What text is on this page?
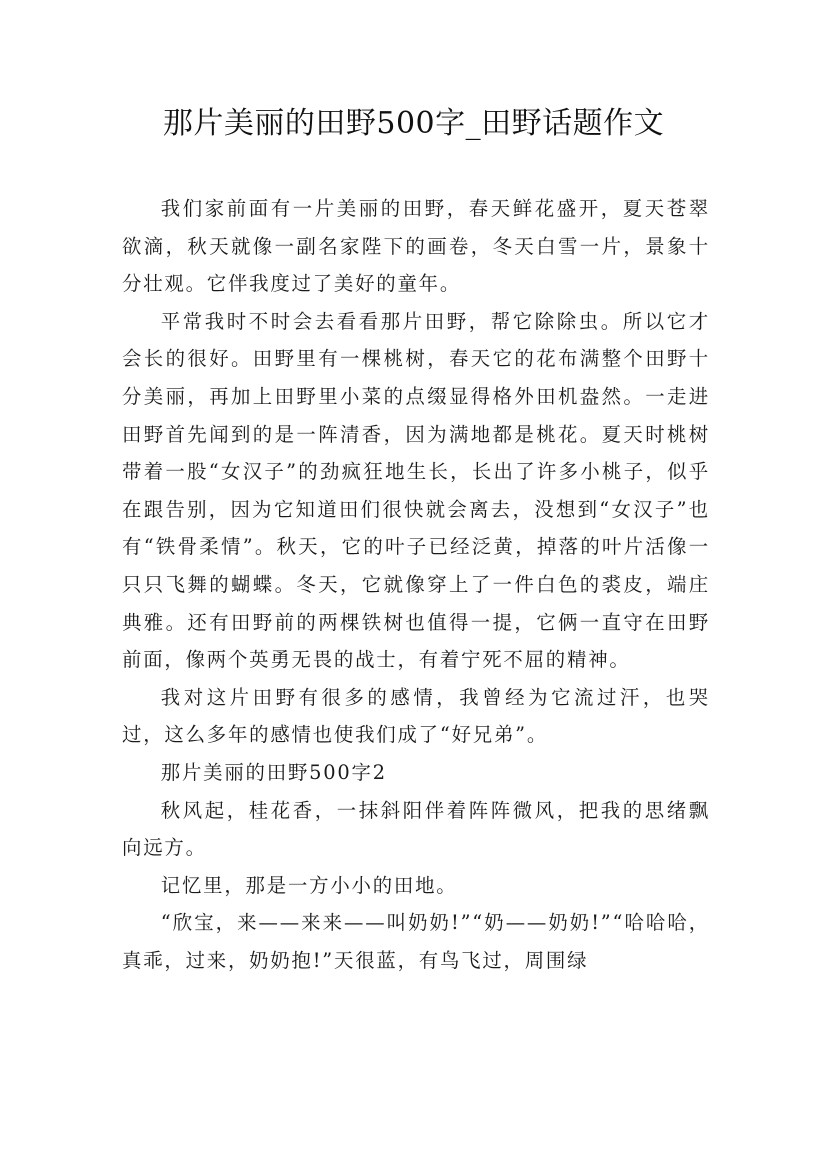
那片美丽的田野500字_田野话题作文

我们家前面有一片美丽的田野，春天鲜花盛开，夏天苍翠欲滴，秋天就像一副名家陛下的画卷，冬天白雪一片，景象十分壮观。它伴我度过了美好的童年。

平常我时不时会去看看那片田野，帮它除除虫。所以它才会长的很好。田野里有一棵桃树，春天它的花布满整个田野十分美丽，再加上田野里小菜的点缀显得格外田机盎然。一走进田野首先闻到的是一阵清香，因为满地都是桃花。夏天时桃树带着一股“女汉子”的劲疯狂地生长，长出了许多小桃子，似乎在跟告别，因为它知道田们很快就会离去，没想到“女汉子”也有“铁骨柔情”。秋天，它的叶子已经泛黄，掉落的叶片活像一只只飞舞的蝴蝶。冬天，它就像穿上了一件白色的裘皮，端庄典雅。还有田野前的两棵铁树也值得一提，它俩一直守在田野前面，像两个英勇无畏的战士，有着宁死不屈的精神。

我对这片田野有很多的感情，我曾经为它流过汗，也哭过，这么多年的感情也使我们成了“好兄弟”。

那片美丽的田野500字2

秋风起，桂花香，一抹斜阳伴着阵阵微风，把我的思绪飘向远方。

记忆里，那是一方小小的田地。

“欣宝，来——来来——叫奶奶!”“奶——奶奶!”“哈哈哈，真乖，过来，奶奶抱!”天很蓝，有鸟飞过，周围绿
